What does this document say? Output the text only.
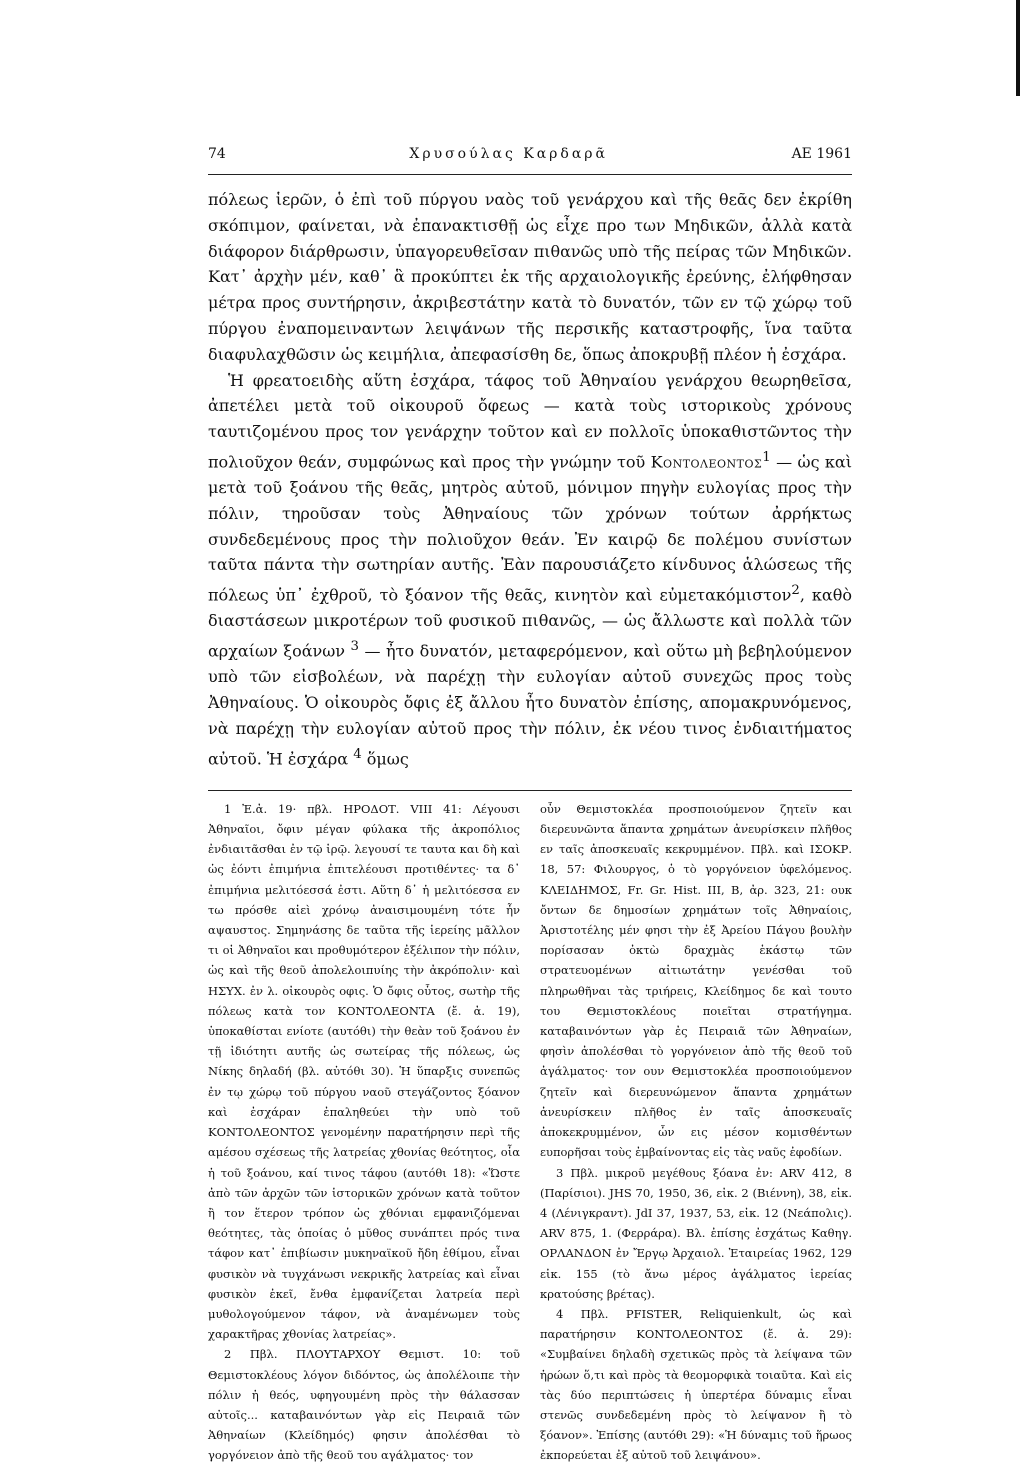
74	Χρυσούλας Καρδαρᾶ	ΑΕ 1961

πόλεως ἱερῶν, ὁ ἐπὶ τοῦ πύργου ναὸς τοῦ γενάρχου καὶ τῆς θεᾶς δεν ἐκρίθη σκόπιμον, φαίνεται, νὰ ἐπανακτισθῇ ὡς εἶχε προ των Μηδικῶν, ἀλλὰ κατὰ διάφορον διάρθρωσιν, ὑπαγορευθεῖσαν πιθανῶς υπὸ τῆς πείρας τῶν Μηδικῶν. Κατ᾽ ἀρχὴν μέν, καθ᾽ ἃ προκύπτει ἐκ τῆς αρχαιολογικῆς ἐρεύνης, ἐλήφθησαν μέτρα προς συντήρησιν, ἀκριβεστάτην κατὰ τὸ δυνατόν, τῶν εν τῷ χώρῳ τοῦ πύργου ἐναπομειναντων λειψάνων τῆς περσικῆς καταστροφῆς, ἵνα ταῦτα διαφυλαχθῶσιν ὡς κειμήλια, ἀπεφασίσθη δε, ὅπως ἀποκρυβῇ πλέον ἡ ἐσχάρα.

Ἡ φρεατοειδὴς αὕτη ἐσχάρα, τάφος τοῦ Ἀθηναίου γενάρχου θεωρηθεῖσα, ἀπετέλει μετὰ τοῦ οἰκουροῦ ὄφεως — κατὰ τοὺς ιστορικοὺς χρόνους ταυτιζομένου προς τον γενάρχην τοῦτον καὶ εν πολλοῖς ὑποκαθιστῶντος τὴν πολιοῦχον θεάν, συμφώνως καὶ προς τὴν γνώμην τοῦ Κοντολεοντος$^1$ — ὡς καὶ μετὰ τοῦ ξοάνου τῆς θεᾶς, μητρὸς αὐτοῦ, μόνιμον πηγὴν ευλογίας προς τὴν πόλιν, τηροῦσαν τοὺς Ἀθηναίους τῶν χρόνων τούτων ἀρρήκτως συνδεδεμένους προς τὴν πολιοῦχον θεάν. Ἐν καιρῷ δε πολέμου συνίστων ταῦτα πάντα τὴν σωτηρίαν αυτῆς. Ἐὰν παρουσιάζετο κίνδυνος ἁλώσεως τῆς πόλεως ὑπ᾽ ἐχθροῦ, τὸ ξόανον τῆς θεᾶς, κινητὸν καὶ εὐμετακόμιστον$^2$, καθὸ διαστάσεων μικροτέρων τοῦ φυσικοῦ πιθανῶς, — ὡς ἄλλωστε καὶ πολλὰ τῶν αρχαίων ξοάνων $^3$ — ἦτο δυνατόν, μεταφερόμενον, καὶ οὕτω μὴ βεβηλούμενον υπὸ τῶν εἰσβολέων, νὰ παρέχῃ τὴν ευλογίαν αὐτοῦ συνεχῶς προς τοὺς Ἀθηναίους. Ὁ οἰκουρὸς ὄφις ἐξ ἄλλου ἦτο δυνατὸν ἐπίσης, απομακρυνόμενος, νὰ παρέχῃ τὴν ευλογίαν αὐτοῦ προς τὴν πόλιν, ἐκ νέου τινος ἐνδιαιτήματος αὐτοῦ. Ἡ ἐσχάρα $^4$ ὅμως

1 Ἐ.ἀ. 19· πβλ. ΗΡΟΔΟΤ. VIII 41: Λέγουσι Ἀθηναῖοι, ὄφιν μέγαν φύλακα τῆς ἀκροπόλιος ἐνδιαιτᾶσθαι ἐν τῷ ἱρῷ. λεγουσί τε ταυτα και δὴ καὶ ὡς ἐόντι ἐπιμήνια ἐπιτελέουσι προτιθέντες· τα δ᾽ ἐπιμήνια μελιτόεσσά ἐστι. Αὕτη δ᾽ ἡ μελιτόεσσα εν τω πρόσθε αἰεὶ χρόνῳ ἀναισιμουμένη τότε ἦν αψαυστος. Σημηνάσης δε ταῦτα τῆς ἱερείης μᾶλλον τι οἱ Ἀθηναῖοι και προθυμότερον ἐξέλιπον τὴν πόλιν, ὡς καὶ τῆς θεοῦ ἀπολελοιπυίης τὴν ἀκρόπολιν· καὶ ΗΣΥΧ. ἐν λ. οἰκουρὸς οφις. Ὁ ὄφις οὗτος, σωτὴρ τῆς πόλεως κατὰ τον ΚΟΝΤΟΛΕΟΝΤΑ (ἔ. ἀ. 19), ὑποκαθίσται ενίοτε (αυτόθι) τὴν θεὰν τοῦ ξοάνου ἐν τῇ ἰδιότητι αυτῆς ὡς σωτείρας τῆς πόλεως, ὡς Νίκης δηλαδή (βλ. αὐτόθι 30). Ἡ ὕπαρξις συνεπῶς ἐν τῳ χώρῳ τοῦ πύργου ναοῦ στεγάζοντος ξόανον καὶ ἐσχάραν ἐπαληθεύει τὴν υπὸ τοῦ ΚΟΝΤΟΛΕΟΝΤΟΣ γενομένην παρατήρησιν περὶ τῆς αμέσου σχέσεως τῆς λατρείας χθονίας θεότητος, οἷα ἡ τοῦ ξοάνου, καί τινος τάφου (αυτόθι 18): «Ὥστε ἀπὸ τῶν ἀρχῶν τῶν ἱστορικῶν χρόνων κατὰ τοῦτον ἢ τον ἕτερον τρόπον ὡς χθόνιαι εμφανιζόμεναι θεότητες, τὰς ὁποίας ὁ μῦθος συνάπτει πρός τινα τάφον κατ᾽ ἐπιβίωσιν μυκηναϊκοῦ ἤδη ἐθίμου, εἶναι φυσικὸν νὰ τυγχάνωσι νεκρικῆς λατρείας καὶ εἶναι φυσικὸν ἐκεῖ, ἔνθα ἐμφανίζεται λατρεία περὶ μυθολογούμενον τάφον, νὰ ἀναμένωμεν τοὺς χαρακτῆρας χθονίας λατρείας».

2 Πβλ. ΠΛΟΥΤΑΡΧΟΥ Θεμιστ. 10: τοῦ Θεμιστοκλέους λόγον διδόντος, ὡς ἀπολέλοιπε τὴν πόλιν ἡ θεός, υφηγουμένη πρὸς τὴν θάλασσαν αὐτοῖς... καταβαινόντων γὰρ εἰς Πειραιᾶ τῶν Ἀθηναίων (Κλείδημός) φησιν ἀπολέσθαι τὸ γοργόνειον ἀπὸ τῆς θεοῦ του αγάλματος· τον

οὖν Θεμιστοκλέα προσποιούμενον ζητεῖν και διερευνῶντα ἅπαντα χρημάτων ἀνευρίσκειν πλῆθος εν ταῖς ἀποσκευαῖς κεκρυμμένον. Πβλ. καὶ ΙΣΟΚΡ. 18, 57: Φιλουργος, ὁ τὸ γοργόνειον ὑφελόμενος. ΚΛΕΙΔΗΜΟΣ, Fr. Gr. Hist. III, B, ἀρ. 323, 21: ουκ ὄντων δε δημοσίων χρημάτων τοῖς Ἀθηναίοις, Ἀριστοτέλης μέν φησι τὴν ἐξ Ἀρείου Πάγου βουλὴν πορίσασαν ὀκτὼ δραχμὰς ἑκάστῳ τῶν στρατευομένων αἰτιωτάτην γενέσθαι τοῦ πληρωθῆναι τὰς τριήρεις, Κλείδημος δε καὶ τουτο του Θεμιστοκλέους ποιεῖται στρατήγημα. καταβαινόντων γὰρ ἐς Πειραιᾶ τῶν Ἀθηναίων, φησὶν ἀπολέσθαι τὸ γοργόνειον ἀπὸ τῆς θεοῦ τοῦ ἀγάλματος· τον ουν Θεμιστοκλέα προσποιούμενον ζητεῖν καὶ διερευνώμενον ἅπαντα χρημάτων ἀνευρίσκειν πλῆθος ἐν ταῖς ἀποσκευαῖς ἀποκεκρυμμένον, ὧν εις μέσον κομισθέντων ευπορῆσαι τοὺς ἐμβαίνοντας εἰς τὰς ναῦς ἐφοδίων.

3 Πβλ. μικροῦ μεγέθους ξόανα ἐν: ARV 412, 8 (Παρίσιοι). JHS 70, 1950, 36, εἰκ. 2 (Βιέννη), 38, εἰκ. 4 (Λένιγκραντ). JdI 37, 1937, 53, εἰκ. 12 (Νεάπολις). ARV 875, 1. (Φερράρα). Βλ. ἐπίσης ἐσχάτως Καθηγ. ΟΡΛΑΝΔΟΝ ἐν Ἔργῳ Ἀρχαιολ. Ἑταιρείας 1962, 129 εἰκ. 155 (τὸ ἄνω μέρος ἀγάλματος ἱερείας κρατούσης βρέτας).

4 Πβλ. PFISTER, Reliquienkult, ὡς καὶ παρατήρησιν ΚΟΝΤΟΛΕΟΝΤΟΣ (ἔ. ἀ. 29): «Συμβαίνει δηλαδὴ σχετικῶς πρὸς τὰ λείψανα τῶν ἡρώων ὅ,τι καὶ πρὸς τὰ θεομορφικὰ τοιαῦτα. Καὶ εἰς τὰς δύο περιπτώσεις ἡ ὑπερτέρα δύναμις εἶναι στενῶς συνδεδεμένη πρὸς τὸ λείψανον ἢ τὸ ξόανον». Ἐπίσης (αυτόθι 29): «Ἡ δύναμις τοῦ ἥρωος ἐκπορεύεται ἐξ αὐτοῦ τοῦ λειψάνου».
